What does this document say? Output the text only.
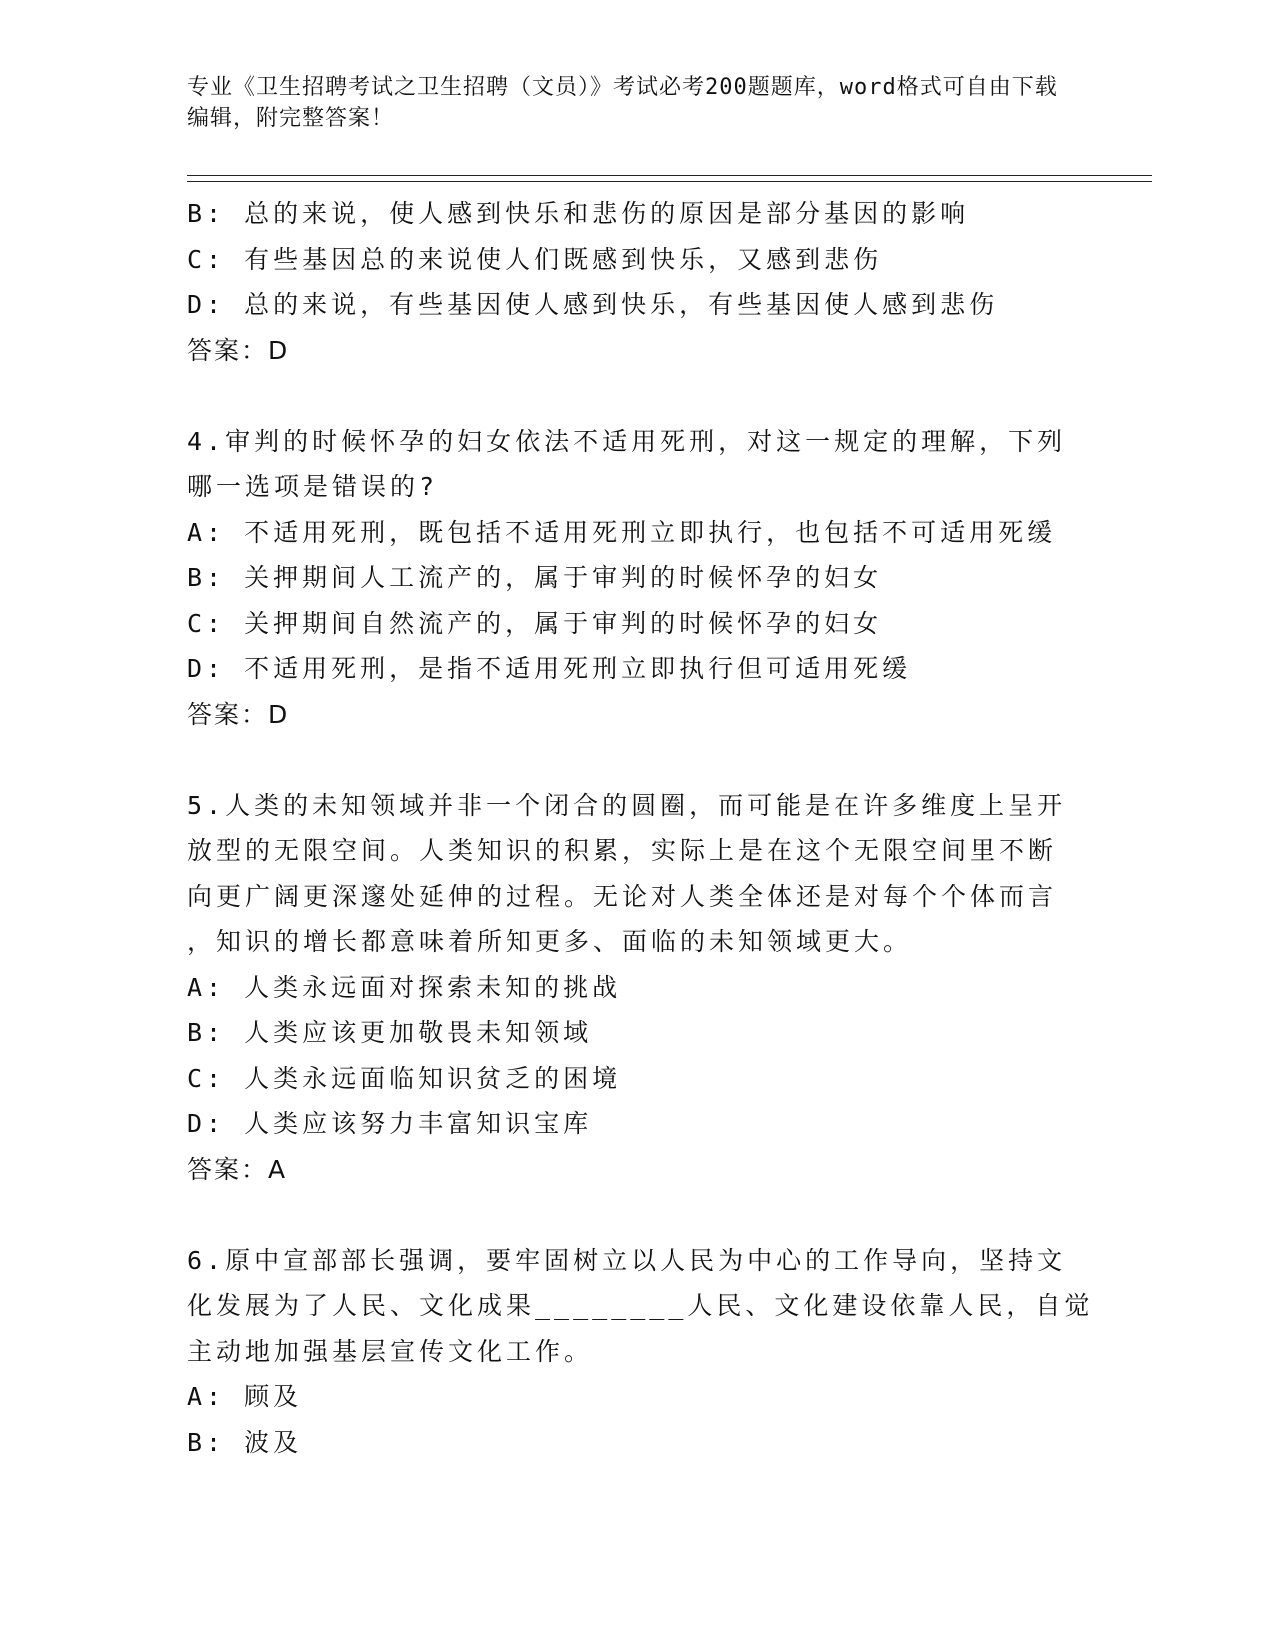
专业《卫生招聘考试之卫生招聘（文员）》考试必考200题题库，word格式可自由下载编辑，附完整答案！
B: 总的来说，使人感到快乐和悲伤的原因是部分基因的影响
C: 有些基因总的来说使人们既感到快乐，又感到悲伤
D: 总的来说，有些基因使人感到快乐，有些基因使人感到悲伤
答案：D
4.审判的时候怀孕的妇女依法不适用死刑，对这一规定的理解，下列
哪一选项是错误的?
A: 不适用死刑，既包括不适用死刑立即执行，也包括不可适用死缓
B: 关押期间人工流产的，属于审判的时候怀孕的妇女
C: 关押期间自然流产的，属于审判的时候怀孕的妇女
D: 不适用死刑，是指不适用死刑立即执行但可适用死缓
答案：D
5.人类的未知领域并非一个闭合的圆圈，而可能是在许多维度上呈开
放型的无限空间。人类知识的积累，实际上是在这个无限空间里不断
向更广阔更深邃处延伸的过程。无论对人类全体还是对每个个体而言
，知识的增长都意味着所知更多、面临的未知领域更大。
A: 人类永远面对探索未知的挑战
B: 人类应该更加敬畏未知领域
C: 人类永远面临知识贫乏的困境
D: 人类应该努力丰富知识宝库
答案：A
6.原中宣部部长强调，要牢固树立以人民为中心的工作导向，坚持文
化发展为了人民、文化成果________人民、文化建设依靠人民，自觉
主动地加强基层宣传文化工作。
A: 顾及
B: 波及
